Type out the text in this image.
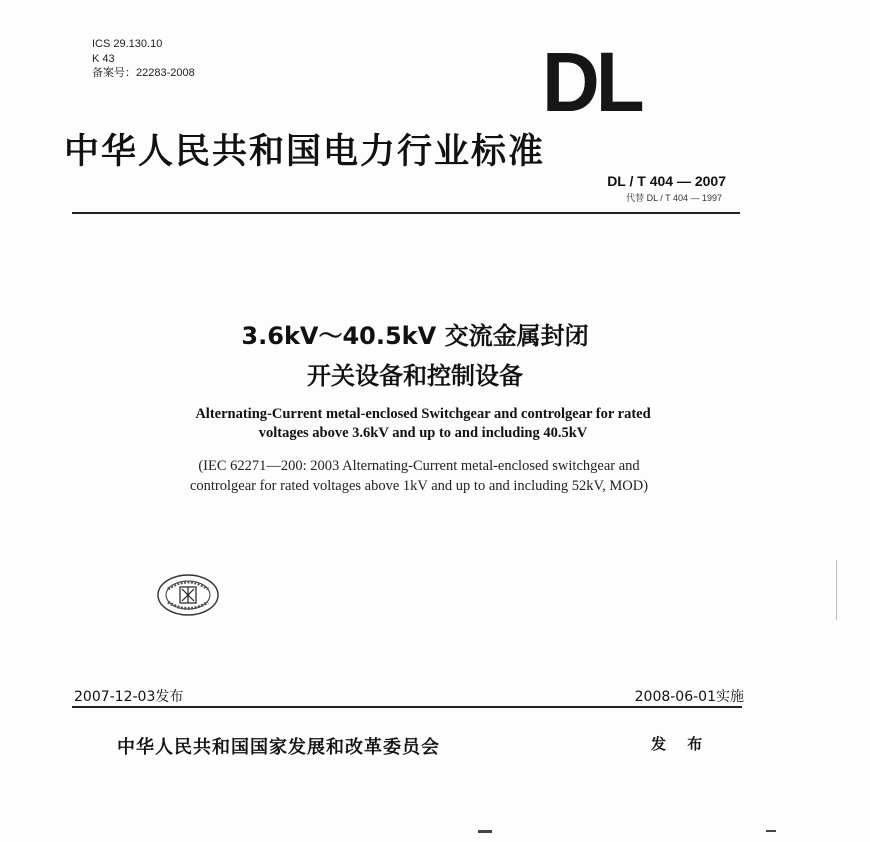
ICS 29.130.10
K 43
备案号：22283-2008	DL
中华人民共和国电力行业标准
DL / T 404 — 2007
代替 DL / T 404 — 1997
3.6kV～40.5kV 交流金属封闭
开关设备和控制设备
Alternating-Current metal-enclosed Switchgear and controlgear for rated
voltages above 3.6kV and up to and including 40.5kV
(IEC 62271—200: 2003 Alternating-Current metal-enclosed switchgear and
controlgear for rated voltages above 1kV and up to and including 52kV, MOD)
2007-12-03发布	2008-06-01实施
中华人民共和国国家发展和改革委员会	发 布
